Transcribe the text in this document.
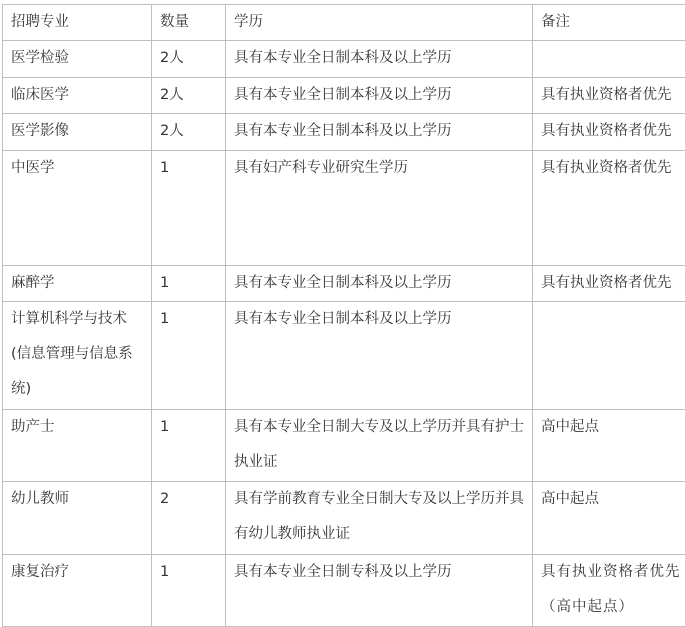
招聘专业	数量	学历	备注
医学检验	2人	具有本专业全日制本科及以上学历	
临床医学	2人	具有本专业全日制本科及以上学历	具有执业资格者优先
医学影像	2人	具有本专业全日制本科及以上学历	具有执业资格者优先
中医学	1	具有妇产科专业研究生学历	具有执业资格者优先
麻醉学	1	具有本专业全日制本科及以上学历	具有执业资格者优先
计算机科学与技术(信息管理与信息系统)	1	具有本专业全日制本科及以上学历	
助产士	1	具有本专业全日制大专及以上学历并具有护士执业证	高中起点
幼儿教师	2	具有学前教育专业全日制大专及以上学历并具有幼儿教师执业证	高中起点
康复治疗	1	具有本专业全日制专科及以上学历	具有执业资格者优先（高中起点）
